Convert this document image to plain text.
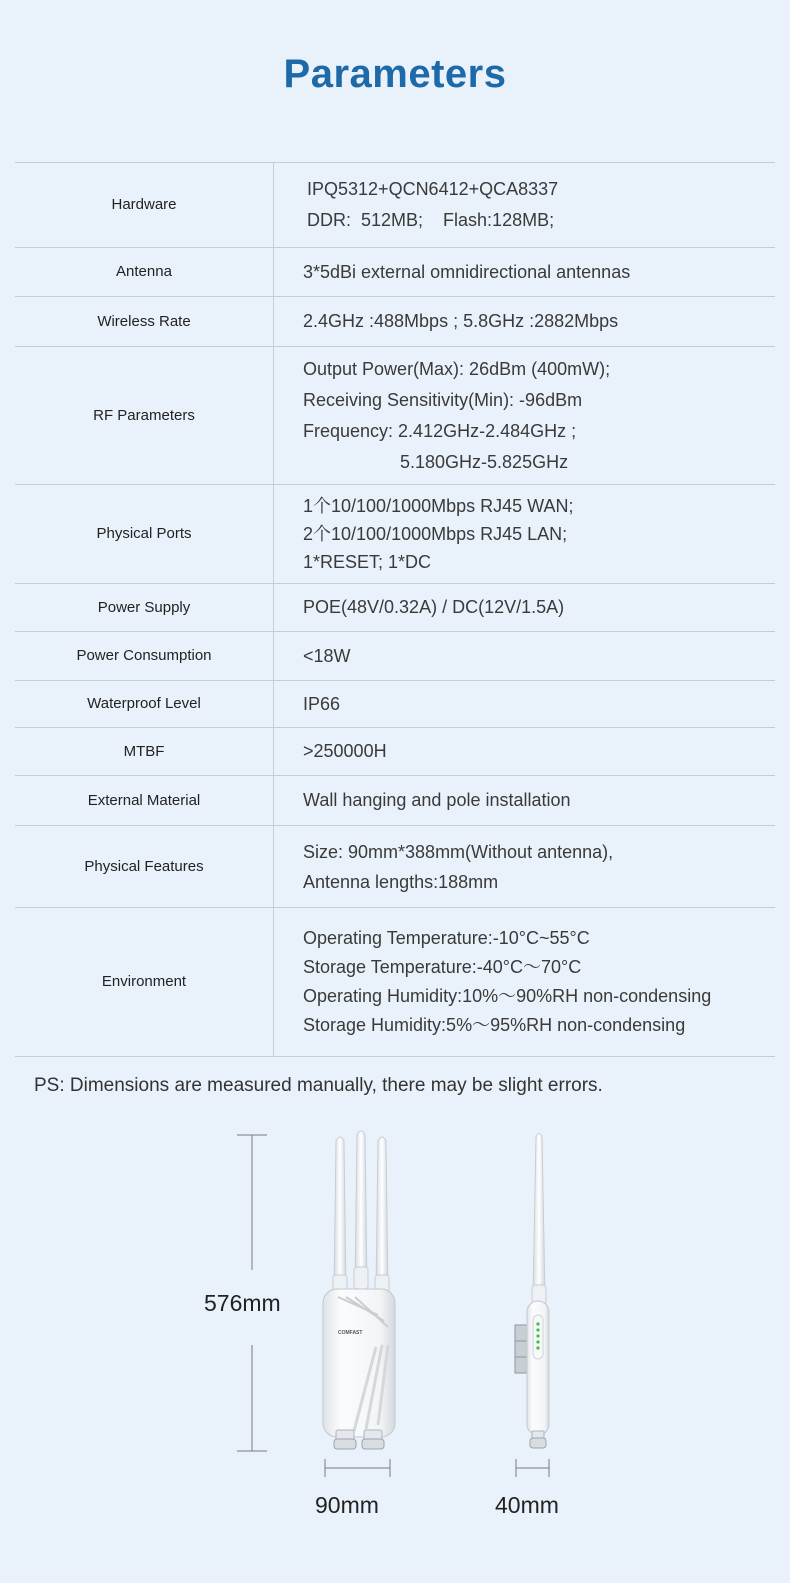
Parameters
Hardware	IPQ5312+QCN6412+QCA8337
DDR:  512MB;    Flash:128MB;

Antenna	3*5dBi external omnidirectional antennas

Wireless Rate	2.4GHz :488Mbps ; 5.8GHz :2882Mbps

RF Parameters	Output Power(Max): 26dBm (400mW);
Receiving Sensitivity(Min): -96dBm
Frequency: 2.412GHz-2.484GHz ;
5.180GHz-5.825GHz

Physical Ports	1个10/100/1000Mbps RJ45 WAN;
2个10/100/1000Mbps RJ45 LAN;
1*RESET; 1*DC

Power Supply	POE(48V/0.32A) / DC(12V/1.5A)

Power Consumption	<18W

Waterproof Level	IP66

MTBF	>250000H

External Material	Wall hanging and pole installation

Physical Features	Size: 90mm*388mm(Without antenna),
Antenna lengths:188mm

Environment	Operating Temperature:-10°C~55°C
Storage Temperature:-40°C～70°C
Operating Humidity:10%～90%RH non-condensing
Storage Humidity:5%～95%RH non-condensing
PS: Dimensions are measured manually, there may be slight errors.
COMFAST
576mm
90mm	40mm
